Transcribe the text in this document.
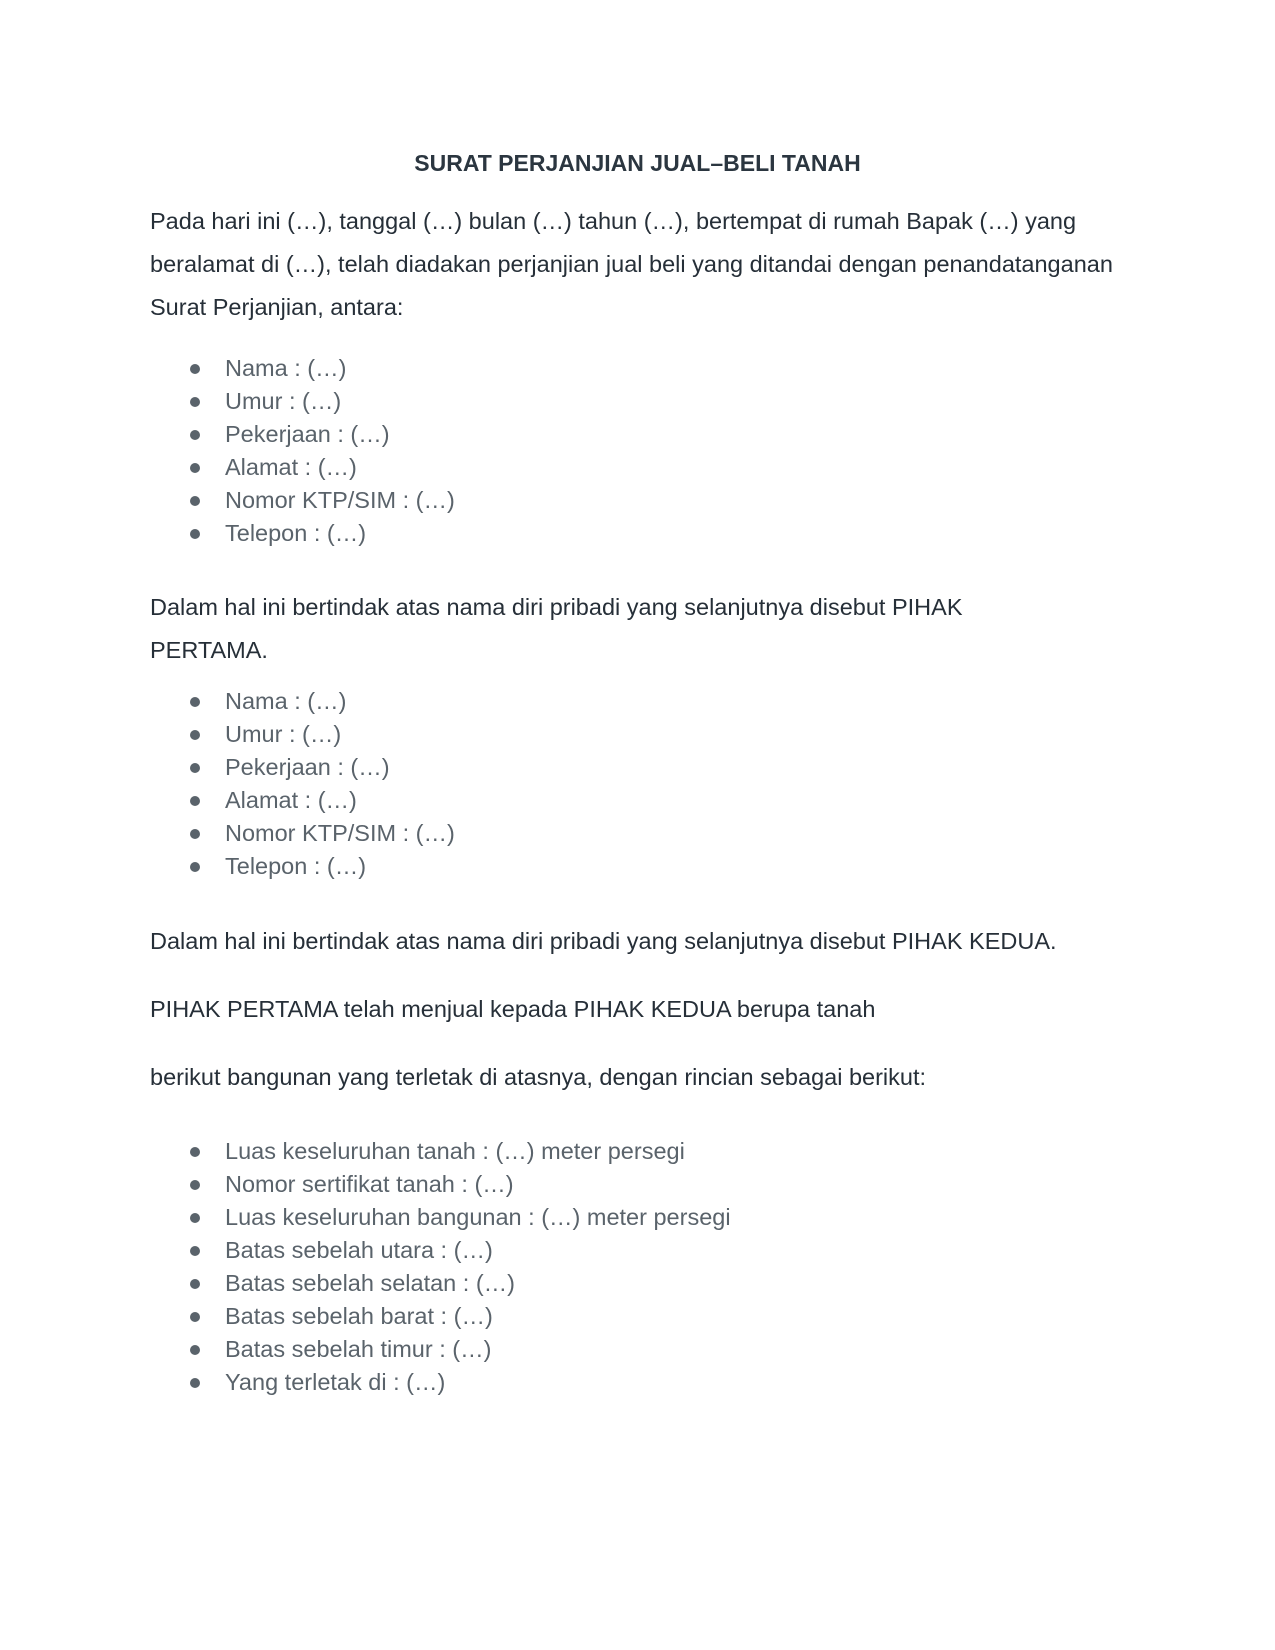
SURAT PERJANJIAN JUAL–BELI TANAH

Pada hari ini (…), tanggal (…) bulan (…) tahun (…), bertempat di rumah Bapak (…) yang beralamat di (…), telah diadakan perjanjian jual beli yang ditandai dengan penandatanganan Surat Perjanjian, antara:

Nama : (…)
Umur : (…)
Pekerjaan : (…)
Alamat : (…)
Nomor KTP/SIM : (…)
Telepon : (…)

Dalam hal ini bertindak atas nama diri pribadi yang selanjutnya disebut PIHAK PERTAMA.

Nama : (…)
Umur : (…)
Pekerjaan : (…)
Alamat : (…)
Nomor KTP/SIM : (…)
Telepon : (…)

Dalam hal ini bertindak atas nama diri pribadi yang selanjutnya disebut PIHAK KEDUA.

PIHAK PERTAMA telah menjual kepada PIHAK KEDUA berupa tanah

berikut bangunan yang terletak di atasnya, dengan rincian sebagai berikut:

Luas keseluruhan tanah : (…) meter persegi
Nomor sertifikat tanah : (…)
Luas keseluruhan bangunan : (…) meter persegi
Batas sebelah utara : (…)
Batas sebelah selatan : (…)
Batas sebelah barat : (…)
Batas sebelah timur : (…)
Yang terletak di : (…)
